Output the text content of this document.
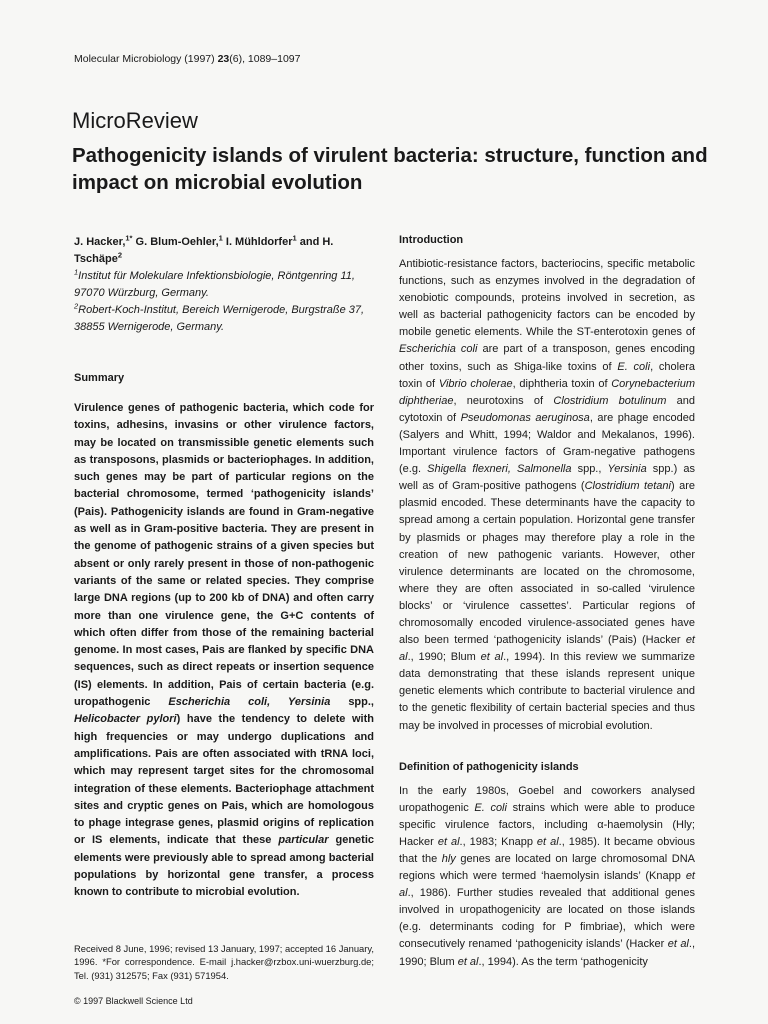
Molecular Microbiology (1997) 23(6), 1089–1097
MicroReview
Pathogenicity islands of virulent bacteria: structure, function and impact on microbial evolution

J. Hacker,$^{1*}$ G. Blum-Oehler,$^1$ I. Mühldorfer$^1$ and H. Tschäpe$^2$

$^1$Institut für Molekulare Infektionsbiologie, Röntgenring 11, 97070 Würzburg, Germany.

$^2$Robert-Koch-Institut, Bereich Wernigerode, Burgstraße 37, 38855 Wernigerode, Germany.

Summary

Virulence genes of pathogenic bacteria, which code for toxins, adhesins, invasins or other virulence factors, may be located on transmissible genetic elements such as transposons, plasmids or bacteriophages. In addition, such genes may be part of particular regions on the bacterial chromosome, termed ‘pathogenicity islands’ (Pais). Pathogenicity islands are found in Gram-negative as well as in Gram-positive bacteria. They are present in the genome of pathogenic strains of a given species but absent or only rarely present in those of non-pathogenic variants of the same or related species. They comprise large DNA regions (up to 200 kb of DNA) and often carry more than one virulence gene, the G+C contents of which often differ from those of the remaining bacterial genome. In most cases, Pais are flanked by specific DNA sequences, such as direct repeats or insertion sequence (IS) elements. In addition, Pais of certain bacteria (e.g. uropathogenic Escherichia coli, Yersinia spp., Helicobacter pylori) have the tendency to delete with high frequencies or may undergo duplications and amplifications. Pais are often associated with tRNA loci, which may represent target sites for the chromosomal integration of these elements. Bacteriophage attachment sites and cryptic genes on Pais, which are homologous to phage integrase genes, plasmid origins of replication or IS elements, indicate that these particular genetic elements were previously able to spread among bacterial populations by horizontal gene transfer, a process known to contribute to microbial evolution.

Received 8 June, 1996; revised 13 January, 1997; accepted 16 January, 1996. *For correspondence. E-mail j.hacker@rzbox.uni-wuerzburg.de; Tel. (931) 312575; Fax (931) 571954.

© 1997 Blackwell Science Ltd

Introduction

Antibiotic-resistance factors, bacteriocins, specific metabolic functions, such as enzymes involved in the degradation of xenobiotic compounds, proteins involved in secretion, as well as bacterial pathogenicity factors can be encoded by mobile genetic elements. While the ST-enterotoxin genes of Escherichia coli are part of a transposon, genes encoding other toxins, such as Shiga-like toxins of E. coli, cholera toxin of Vibrio cholerae, diphtheria toxin of Corynebacterium diphtheriae, neurotoxins of Clostridium botulinum and cytotoxin of Pseudomonas aeruginosa, are phage encoded (Salyers and Whitt, 1994; Waldor and Mekalanos, 1996). Important virulence factors of Gram-negative pathogens (e.g. Shigella flexneri, Salmonella spp., Yersinia spp.) as well as of Gram-positive pathogens (Clostridium tetani) are plasmid encoded. These determinants have the capacity to spread among a certain population. Horizontal gene transfer by plasmids or phages may therefore play a role in the creation of new pathogenic variants. However, other virulence determinants are located on the chromosome, where they are often associated in so-called ‘virulence blocks’ or ‘virulence cassettes’. Particular regions of chromosomally encoded virulence-associated genes have also been termed ‘pathogenicity islands’ (Pais) (Hacker et al., 1990; Blum et al., 1994). In this review we summarize data demonstrating that these islands represent unique genetic elements which contribute to bacterial virulence and to the genetic flexibility of certain bacterial species and thus may be involved in processes of microbial evolution.

Definition of pathogenicity islands

In the early 1980s, Goebel and coworkers analysed uropathogenic E. coli strains which were able to produce specific virulence factors, including α-haemolysin (Hly; Hacker et al., 1983; Knapp et al., 1985). It became obvious that the hly genes are located on large chromosomal DNA regions which were termed ‘haemolysin islands’ (Knapp et al., 1986). Further studies revealed that additional genes involved in uropathogenicity are located on those islands (e.g. determinants coding for P fimbriae), which were consecutively renamed ‘pathogenicity islands’ (Hacker et al., 1990; Blum et al., 1994). As the term ‘pathogenicity
